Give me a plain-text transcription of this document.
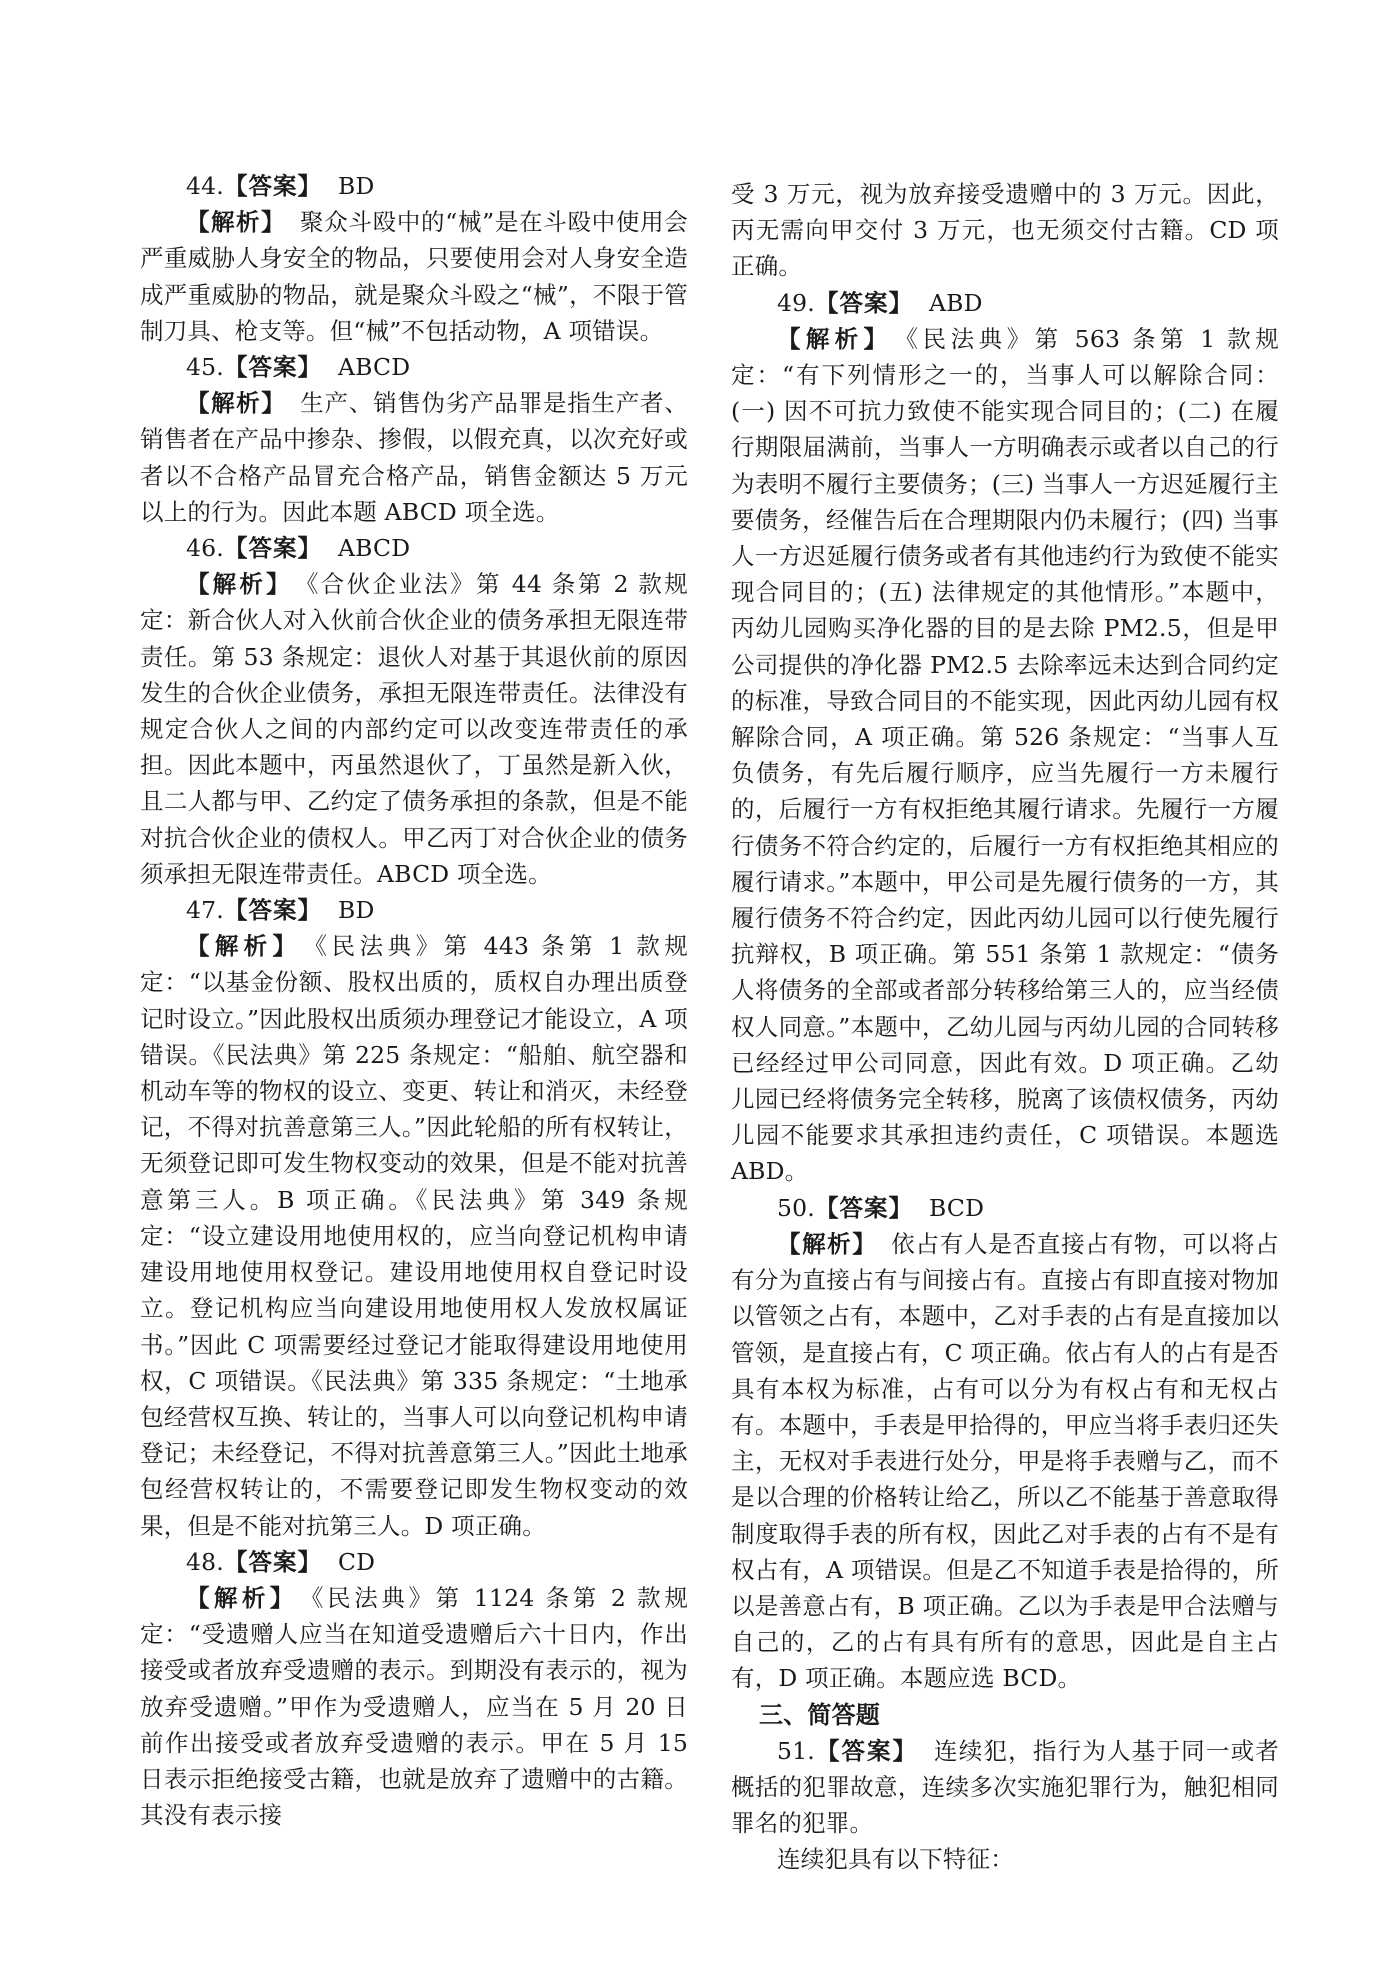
44.【答案】 BD

【解析】 聚众斗殴中的“械”是在斗殴中使用会严重威胁人身安全的物品，只要使用会对人身安全造成严重威胁的物品，就是聚众斗殴之“械”，不限于管制刀具、枪支等。但“械”不包括动物，A 项错误。

45.【答案】 ABCD

【解析】 生产、销售伪劣产品罪是指生产者、销售者在产品中掺杂、掺假，以假充真，以次充好或者以不合格产品冒充合格产品，销售金额达 5 万元以上的行为。因此本题 ABCD 项全选。

46.【答案】 ABCD

【解析】 《合伙企业法》第 44 条第 2 款规定：新合伙人对入伙前合伙企业的债务承担无限连带责任。第 53 条规定：退伙人对基于其退伙前的原因发生的合伙企业债务，承担无限连带责任。法律没有规定合伙人之间的内部约定可以改变连带责任的承担。因此本题中，丙虽然退伙了，丁虽然是新入伙，且二人都与甲、乙约定了债务承担的条款，但是不能对抗合伙企业的债权人。甲乙丙丁对合伙企业的债务须承担无限连带责任。ABCD 项全选。

47.【答案】 BD

【解析】 《民法典》第 443 条第 1 款规定：“以基金份额、股权出质的，质权自办理出质登记时设立。”因此股权出质须办理登记才能设立，A 项错误。《民法典》第 225 条规定：“船舶、航空器和机动车等的物权的设立、变更、转让和消灭，未经登记，不得对抗善意第三人。”因此轮船的所有权转让，无须登记即可发生物权变动的效果，但是不能对抗善意第三人。B 项正确。《民法典》第 349 条规定：“设立建设用地使用权的，应当向登记机构申请建设用地使用权登记。建设用地使用权自登记时设立。登记机构应当向建设用地使用权人发放权属证书。”因此 C 项需要经过登记才能取得建设用地使用权，C 项错误。《民法典》第 335 条规定：“土地承包经营权互换、转让的，当事人可以向登记机构申请登记；未经登记，不得对抗善意第三人。”因此土地承包经营权转让的，不需要登记即发生物权变动的效果，但是不能对抗第三人。D 项正确。

48.【答案】 CD

【解析】 《民法典》第 1124 条第 2 款规定：“受遗赠人应当在知道受遗赠后六十日内，作出接受或者放弃受遗赠的表示。到期没有表示的，视为放弃受遗赠。”甲作为受遗赠人，应当在 5 月 20 日前作出接受或者放弃受遗赠的表示。甲在 5 月 15 日表示拒绝接受古籍，也就是放弃了遗赠中的古籍。其没有表示接

受 3 万元，视为放弃接受遗赠中的 3 万元。因此，丙无需向甲交付 3 万元，也无须交付古籍。CD 项正确。

49.【答案】 ABD

【解析】 《民法典》第 563 条第 1 款规定：“有下列情形之一的，当事人可以解除合同：(一) 因不可抗力致使不能实现合同目的；(二) 在履行期限届满前，当事人一方明确表示或者以自己的行为表明不履行主要债务；(三) 当事人一方迟延履行主要债务，经催告后在合理期限内仍未履行；(四) 当事人一方迟延履行债务或者有其他违约行为致使不能实现合同目的；(五) 法律规定的其他情形。”本题中，丙幼儿园购买净化器的目的是去除 PM2.5，但是甲公司提供的净化器 PM2.5 去除率远未达到合同约定的标准，导致合同目的不能实现，因此丙幼儿园有权解除合同，A 项正确。第 526 条规定：“当事人互负债务，有先后履行顺序，应当先履行一方未履行的，后履行一方有权拒绝其履行请求。先履行一方履行债务不符合约定的，后履行一方有权拒绝其相应的履行请求。”本题中，甲公司是先履行债务的一方，其履行债务不符合约定，因此丙幼儿园可以行使先履行抗辩权，B 项正确。第 551 条第 1 款规定：“债务人将债务的全部或者部分转移给第三人的，应当经债权人同意。”本题中，乙幼儿园与丙幼儿园的合同转移已经经过甲公司同意，因此有效。D 项正确。乙幼儿园已经将债务完全转移，脱离了该债权债务，丙幼儿园不能要求其承担违约责任，C 项错误。本题选 ABD。

50.【答案】 BCD

【解析】 依占有人是否直接占有物，可以将占有分为直接占有与间接占有。直接占有即直接对物加以管领之占有，本题中，乙对手表的占有是直接加以管领，是直接占有，C 项正确。依占有人的占有是否具有本权为标准，占有可以分为有权占有和无权占有。本题中，手表是甲拾得的，甲应当将手表归还失主，无权对手表进行处分，甲是将手表赠与乙，而不是以合理的价格转让给乙，所以乙不能基于善意取得制度取得手表的所有权，因此乙对手表的占有不是有权占有，A 项错误。但是乙不知道手表是拾得的，所以是善意占有，B 项正确。乙以为手表是甲合法赠与自己的，乙的占有具有所有的意思，因此是自主占有，D 项正确。本题应选 BCD。

三、简答题

51.【答案】 连续犯，指行为人基于同一或者概括的犯罪故意，连续多次实施犯罪行为，触犯相同罪名的犯罪。

连续犯具有以下特征：
